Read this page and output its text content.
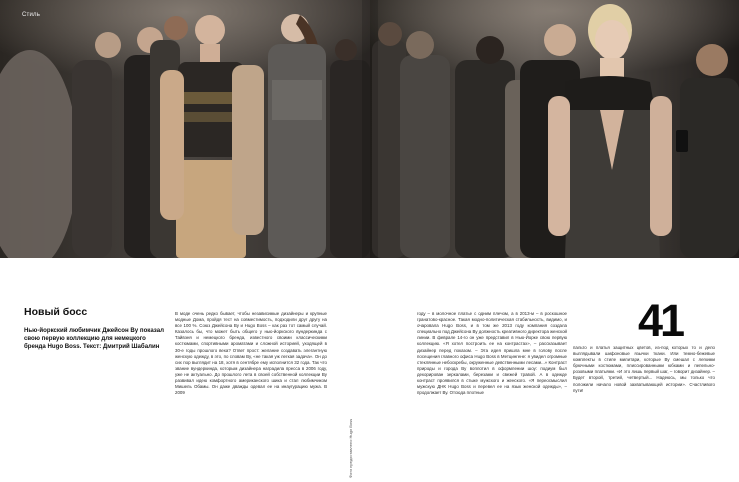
Стиль
Новый босс

Нью-йоркский любимчик Джейсон Ву показал свою первую коллекцию для немецкого бренда Hugo Boss. Текст: Дмитрий Шабалин

В моде очень редко бывает, чтобы независимые дизайнеры и крупные модные Дома, пройдя тест на совместимость, подходили друг другу на все 100 %. Союз Джейсона Ву и Hugo Boss – как раз тот самый случай. Казалось бы, что может быть общего у нью-йоркского вундеркинда с Тайвэня и немецкого бренда, известного своими классическими костюмами, спортивными ароматами и сложной историей, уходящей в 30-е годы прошлого века? Ответ прост: желание создавать элегантную женскую одежду, в это, по словам Ву, «не такая уж легкая задача». Он до сих пор выглядит на 18, хотя в сентябре ему исполнится 32 года. Так что звание вундеркинда, которым дизайнера наградила пресса в 2006 году, уже не актуально. До прошлого лета в своей собственной коллекции Ву развивал идею комфортного американского шика и стал любимчиком Мишель Обамы. Он даже дважды одевал ее на инаугурацию мужа. В 2009

Фото предоставлено Hugo Boss

году – в молочное платье с одним плечом, а в 2013-м – в роскошное гранатово-красное. Такая модно-политическая стабильность, видимо, и очаровала Hugo Boss, и в том же 2013 году компания создала специально под Джейсона Ву должность креативного директора женской линии. В феврале 14-го он уже представил в Нью-Йорке свою первую коллекцию. «Я хотел построить ее на контрастах», – рассказывает дизайнер перед показом. – Эта идея пришла мне в голову после посещения главного офиса Hugo Boss в Метцингене: я увидел огромные стеклянные небоскребы, окруженные девственными лесами...» Контраст природы и города Ву воплотил в оформлении шоу: подиум был декорирован зеркалами, березами и свежей травой. А в одежде контраст проявился в стыке мужского и женского. «Я переосмыслил мужскую ДНК Hugo Boss и перевел ее на язык женской одежды», – продолжает Ву. Отсюда плотные

41

пальто и платья защитных цветов, из-под которых то и дело выглядывали шифоновые язычки ткани. Или темно-бежевые комплекты в стиле милитари, которые Ву смешал с легкими брючными костюмами, плиссированными юбками и пепельно-розовыми платьями. «И это лишь первый шаг, – говорит дизайнер. – Будет второй, третий, четвертый... Надеюсь, мы только что положили начало новой захватывающей истории». Счастливого пути!
